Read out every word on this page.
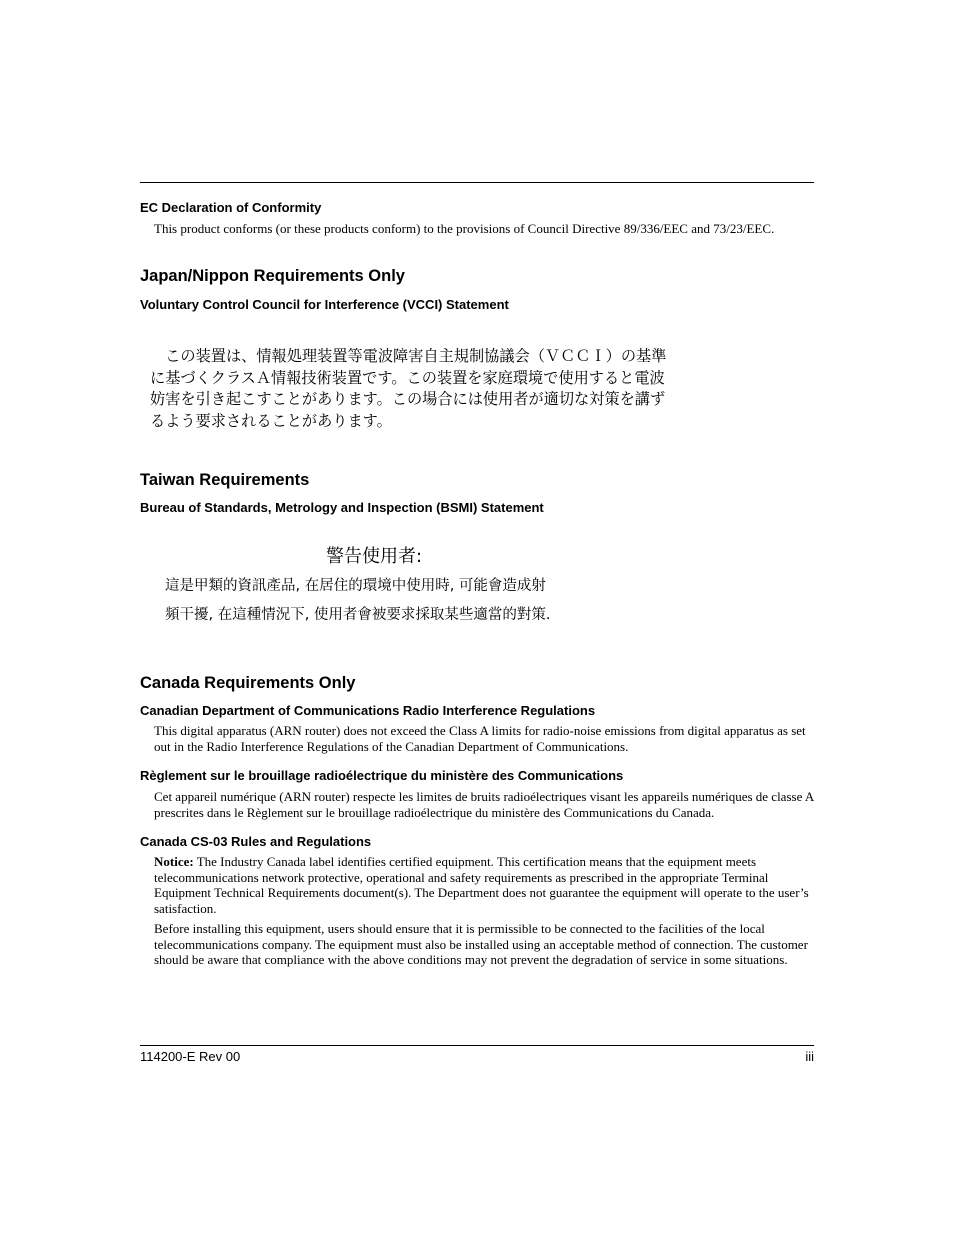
EC Declaration of Conformity
This product conforms (or these products conform) to the provisions of Council Directive 89/336/EEC and 73/23/EEC.
Japan/Nippon Requirements Only
Voluntary Control Council for Interference (VCCI) Statement
　この装置は、情報処理装置等電波障害自主規制協議会（ＶＣＣＩ）の基準
に基づくクラスＡ情報技術装置です。この装置を家庭環境で使用すると電波
妨害を引き起こすことがあります。この場合には使用者が適切な対策を講ず
るよう要求されることがあります。
Taiwan Requirements
Bureau of Standards, Metrology and Inspection (BSMI) Statement
警告使用者:
這是甲類的資訊產品, 在居住的環境中使用時, 可能會造成射
頻干擾, 在這種情況下, 使用者會被要求採取某些適當的對策.
Canada Requirements Only
Canadian Department of Communications Radio Interference Regulations
This digital apparatus (ARN router) does not exceed the Class A limits for radio-noise emissions from digital apparatus as set out in the Radio Interference Regulations of the Canadian Department of Communications.
Règlement sur le brouillage radioélectrique du ministère des Communications
Cet appareil numérique (ARN router) respecte les limites de bruits radioélectriques visant les appareils numériques de classe A prescrites dans le Règlement sur le brouillage radioélectrique du ministère des Communications du Canada.
Canada CS-03 Rules and Regulations
Notice: The Industry Canada label identifies certified equipment. This certification means that the equipment meets telecommunications network protective, operational and safety requirements as prescribed in the appropriate Terminal Equipment Technical Requirements document(s). The Department does not guarantee the equipment will operate to the user’s satisfaction.
Before installing this equipment, users should ensure that it is permissible to be connected to the facilities of the local telecommunications company. The equipment must also be installed using an acceptable method of connection. The customer should be aware that compliance with the above conditions may not prevent the degradation of service in some situations.
114200-E Rev 00	iii
